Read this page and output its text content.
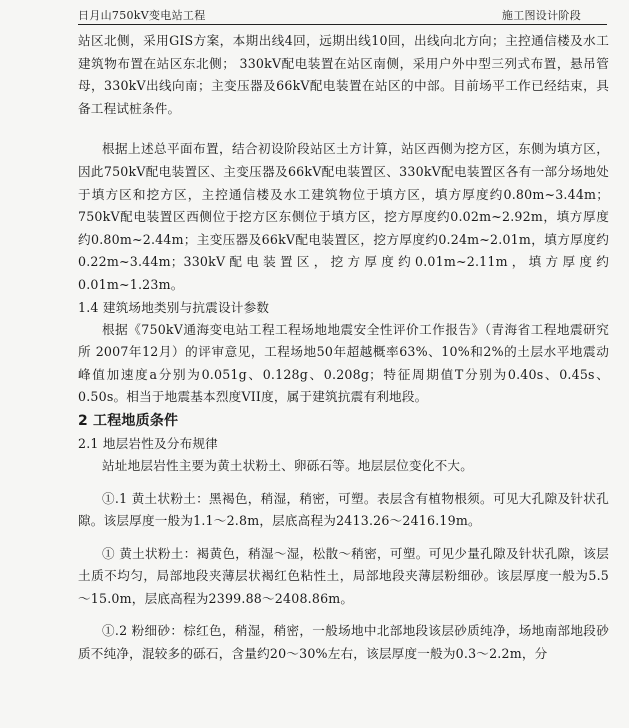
日月山750kV变电站工程	施工图设计阶段

站区北侧，采用GIS方案，本期出线4回，远期出线10回，出线向北方向；主控通信楼及水工建筑物布置在站区东北侧； 330kV配电装置在站区南侧，采用户外中型三列式布置，悬吊管母，330kV出线向南；主变压器及66kV配电装置在站区的中部。目前场平工作已经结束，具备工程试桩条件。

根据上述总平面布置，结合初设阶段站区土方计算，站区西侧为挖方区，东侧为填方区，因此750kV配电装置区、主变压器及66kV配电装置区、330kV配电装置区各有一部分场地处于填方区和挖方区，主控通信楼及水工建筑物位于填方区，填方厚度约0.80m~3.44m；750kV配电装置区西侧位于挖方区东侧位于填方区，挖方厚度约0.02m~2.92m，填方厚度约0.80m~2.44m；主变压器及66kV配电装置区，挖方厚度约0.24m~2.01m，填方厚度约0.22m~3.44m；330kV配电装置区，挖方厚度约0.01m~2.11m，填方厚度约0.01m~1.23m。

1.4 建筑场地类别与抗震设计参数

根据《750kV通海变电站工程工程场地地震安全性评价工作报告》（青海省工程地震研究所 2007年12月）的评审意见，工程场地50年超越概率63%、10%和2%的土层水平地震动峰值加速度a分别为0.051g、0.128g、0.208g；特征周期值T分别为0.40s、0.45s、0.50s。相当于地震基本烈度VII度，属于建筑抗震有利地段。

2 工程地质条件

2.1 地层岩性及分布规律

站址地层岩性主要为黄土状粉土、卵砾石等。地层层位变化不大。

①.1 黄土状粉土：黑褐色，稍湿，稍密，可塑。表层含有植物根须。可见大孔隙及针状孔隙。该层厚度一般为1.1～2.8m，层底高程为2413.26～2416.19m。

① 黄土状粉土：褐黄色，稍湿～湿，松散～稍密，可塑。可见少量孔隙及针状孔隙，该层土质不均匀，局部地段夹薄层状褐红色粘性土，局部地段夹薄层粉细砂。该层厚度一般为5.5～15.0m，层底高程为2399.88～2408.86m。

①.2 粉细砂：棕红色，稍湿，稍密，一般场地中北部地段该层砂质纯净，场地南部地段砂质不纯净，混较多的砾石，含量约20～30%左右，该层厚度一般为0.3～2.2m，分
